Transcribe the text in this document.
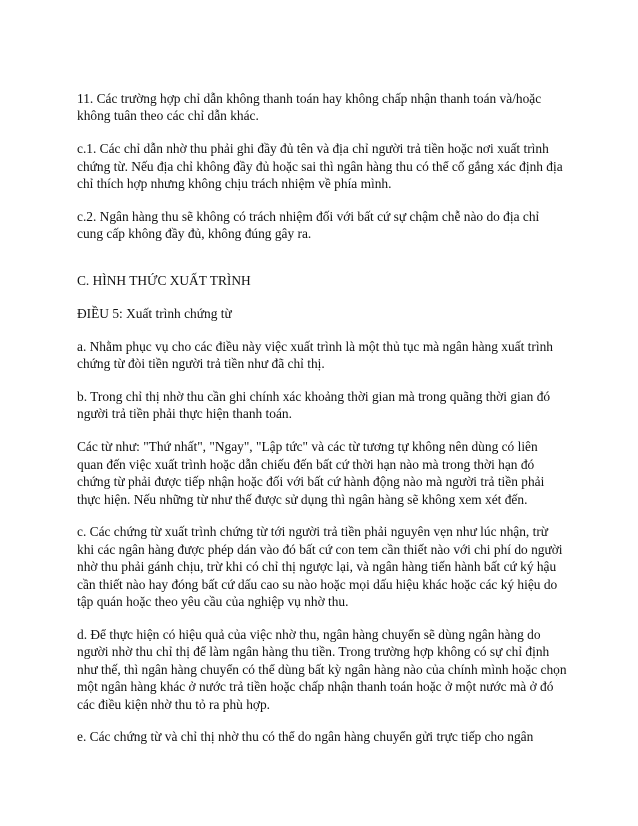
11. Các trường hợp chỉ dẫn không thanh toán hay không chấp nhận thanh toán và/hoặc không tuân theo các chỉ dẫn khác.

c.1. Các chỉ dẫn nhờ thu phải ghi đầy đủ tên và địa chỉ người trả tiền hoặc nơi xuất trình chứng từ. Nếu địa chỉ không đầy đủ hoặc sai thì ngân hàng thu có thể cố gắng xác định địa chỉ thích hợp nhưng không chịu trách nhiệm về phía mình.

c.2. Ngân hàng thu sẽ không có trách nhiệm đối với bất cứ sự chậm chễ nào do địa chỉ cung cấp không đầy đủ, không đúng gây ra.

C. HÌNH THỨC XUẤT TRÌNH

ĐIỀU 5: Xuất trình chứng từ

a. Nhằm phục vụ cho các điều này việc xuất trình là một thủ tục mà ngân hàng xuất trình chứng từ đòi tiền người trả tiền như đã chỉ thị.

b. Trong chỉ thị nhờ thu cần ghi chính xác khoảng thời gian mà trong quãng thời gian đó người trả tiền phải thực hiện thanh toán.

Các từ như: "Thứ nhất", "Ngay", "Lập tức" và các từ tương tự không nên dùng có liên quan đến việc xuất trình hoặc dẫn chiếu đến bất cứ thời hạn nào mà trong thời hạn đó chứng từ phải được tiếp nhận hoặc đối với bất cứ hành động nào mà người trả tiền phải thực hiện. Nếu những từ như thế được sử dụng thì ngân hàng sẽ không xem xét đến.

c. Các chứng từ xuất trình chứng từ tới người trả tiền phải nguyên vẹn như lúc nhận, trừ khi các ngân hàng được phép dán vào đó bất cứ con tem cần thiết nào với chi phí do người nhờ thu phải gánh chịu, trừ khi có chỉ thị ngược lại, và ngân hàng tiến hành bất cứ ký hậu cần thiết nào hay đóng bất cứ dấu cao su nào hoặc mọi dấu hiệu khác hoặc các ký hiệu do tập quán hoặc theo yêu cầu của nghiệp vụ nhờ thu.

d. Để thực hiện có hiệu quả của việc nhờ thu, ngân hàng chuyển sẽ dùng ngân hàng do người nhờ thu chỉ thị để làm ngân hàng thu tiền. Trong trường hợp không có sự chỉ định như thế, thì ngân hàng chuyển có thể dùng bất kỳ ngân hàng nào của chính mình hoặc chọn một ngân hàng khác ở nước trả tiền hoặc chấp nhận thanh toán hoặc ở một nước mà ở đó các điều kiện nhờ thu tỏ ra phù hợp.

e. Các chứng từ và chỉ thị nhờ thu có thể do ngân hàng chuyển gửi trực tiếp cho ngân
